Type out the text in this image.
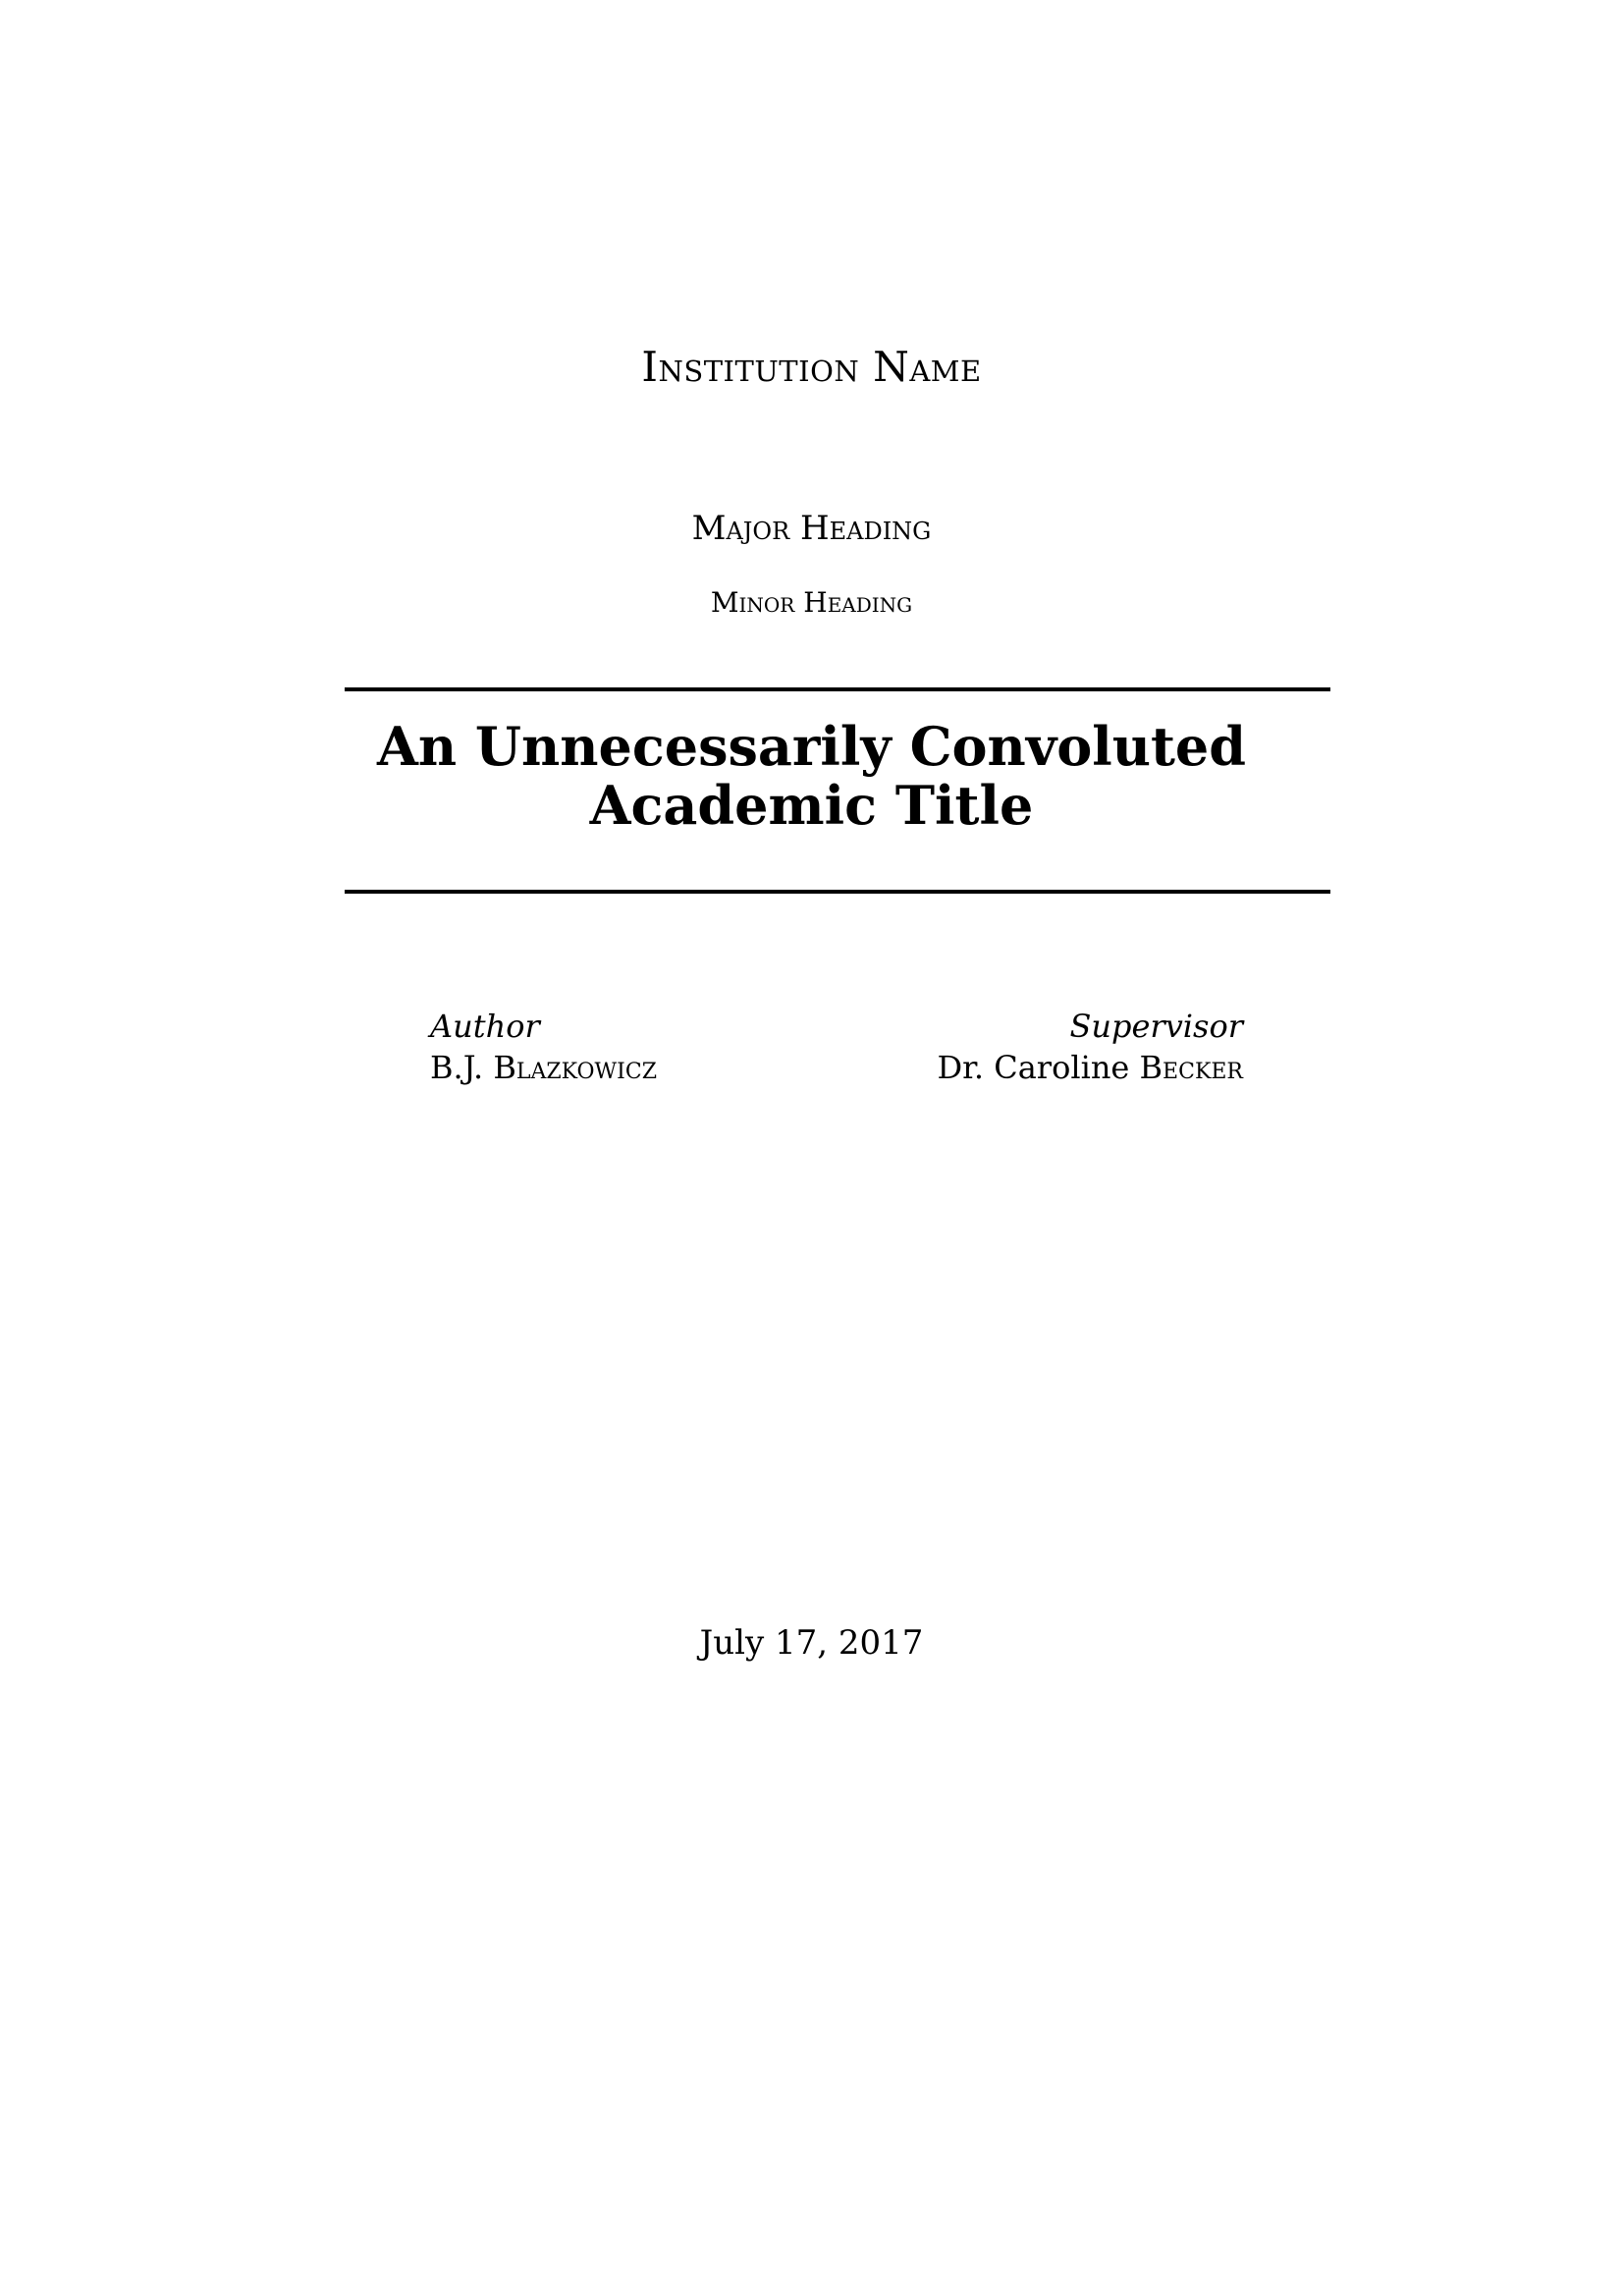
Institution Name
Major Heading
Minor Heading
An Unnecessarily Convoluted
Academic Title
Author
B.J. Blazkowicz
Supervisor
Dr. Caroline Becker
July 17, 2017
